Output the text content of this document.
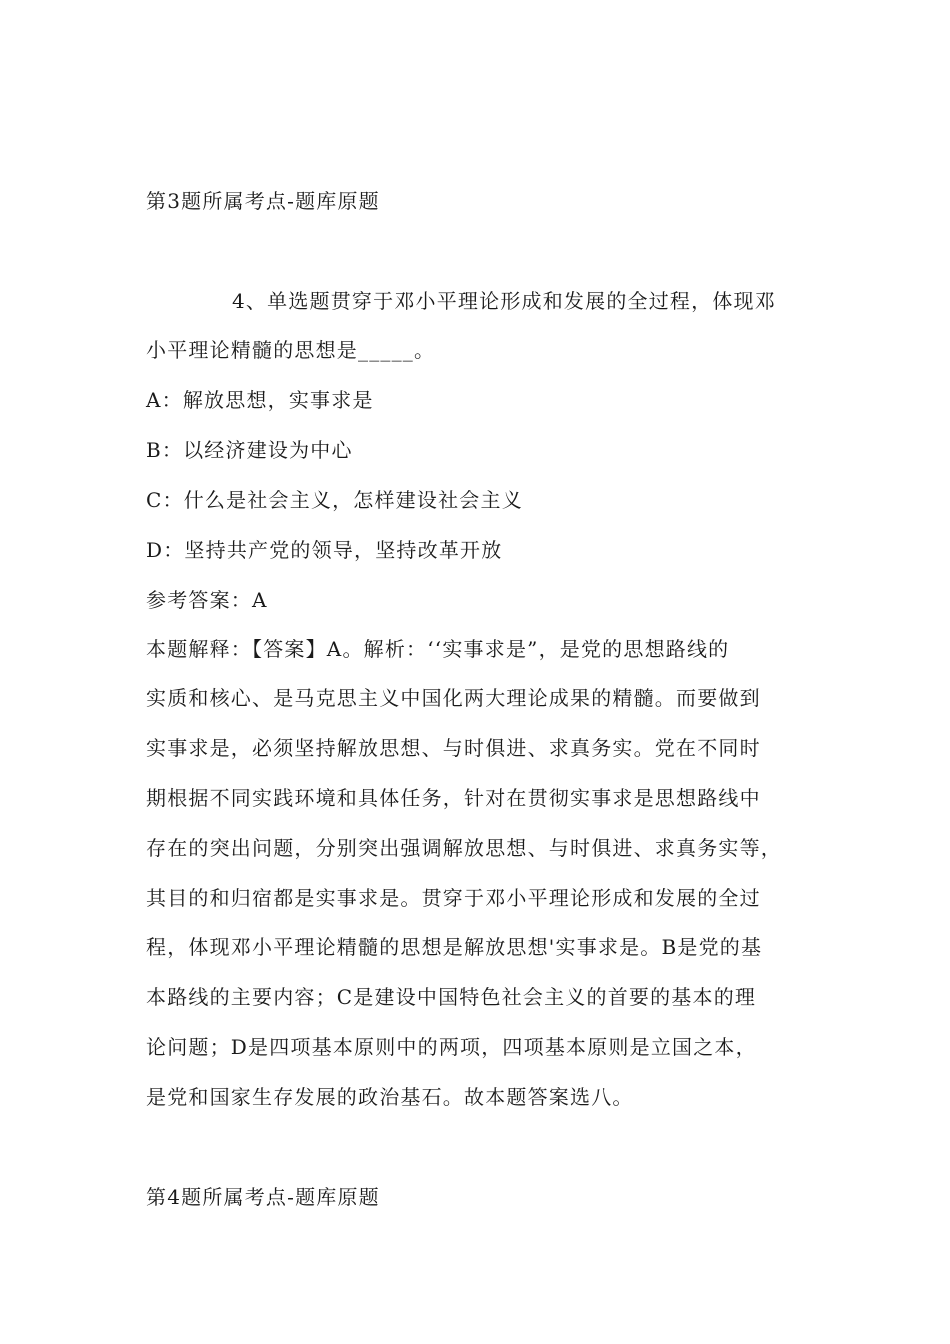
第3题所属考点-题库原题
4、单选题贯穿于邓小平理论形成和发展的全过程，体现邓
小平理论精髓的思想是_____。
A：解放思想，实事求是
B：以经济建设为中心
C：什么是社会主义，怎样建设社会主义
D：坚持共产党的领导，坚持改革开放
参考答案：A
本题解释：【答案】A。解析：‘‘实事求是”，是党的思想路线的
实质和核心、是马克思主义中国化两大理论成果的精髓。而要做到
实事求是，必须坚持解放思想、与时俱进、求真务实。党在不同时
期根据不同实践环境和具体任务，针对在贯彻实事求是思想路线中
存在的突出问题，分别突出强调解放思想、与时俱进、求真务实等，
其目的和归宿都是实事求是。贯穿于邓小平理论形成和发展的全过
程，体现邓小平理论精髓的思想是解放思想'实事求是。B是党的基
本路线的主要内容；C是建设中国特色社会主义的首要的基本的理
论问题；D是四项基本原则中的两项，四项基本原则是立国之本，
是党和国家生存发展的政治基石。故本题答案选八。
第4题所属考点-题库原题
